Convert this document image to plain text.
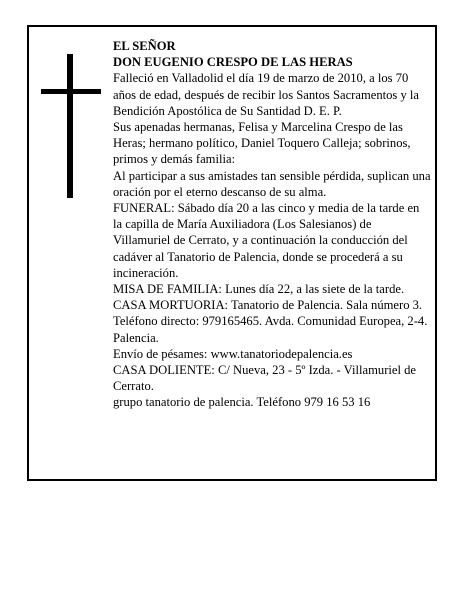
EL SEÑOR

DON EUGENIO CRESPO DE LAS HERAS

Falleció en Valladolid el día 19 de marzo de 2010, a los 70 años de edad, después de recibir los Santos Sacramentos y la Bendición Apostólica de Su Santidad D. E. P.

Sus apenadas hermanas, Felisa y Marcelina Crespo de las Heras; hermano político, Daniel Toquero Calleja; sobrinos, primos y demás familia:

Al participar a sus amistades tan sensible pérdida, suplican una oración por el eterno descanso de su alma.

FUNERAL: Sábado día 20 a las cinco y media de la tarde en la capilla de María Auxiliadora (Los Salesianos) de Villamuriel de Cerrato, y a continuación la conducción del cadáver al Tanatorio de Palencia, donde se procederá a su incineración.

MISA DE FAMILIA: Lunes día 22, a las siete de la tarde.

CASA MORTUORIA: Tanatorio de Palencia. Sala número 3. Teléfono directo: 979165465. Avda. Comunidad Europea, 2-4. Palencia.

Envío de pésames: www.tanatoriodepalencia.es

CASA DOLIENTE: C/ Nueva, 23 - 5º Izda. - Villamuriel de Cerrato.

grupo tanatorio de palencia. Teléfono 979 16 53 16
